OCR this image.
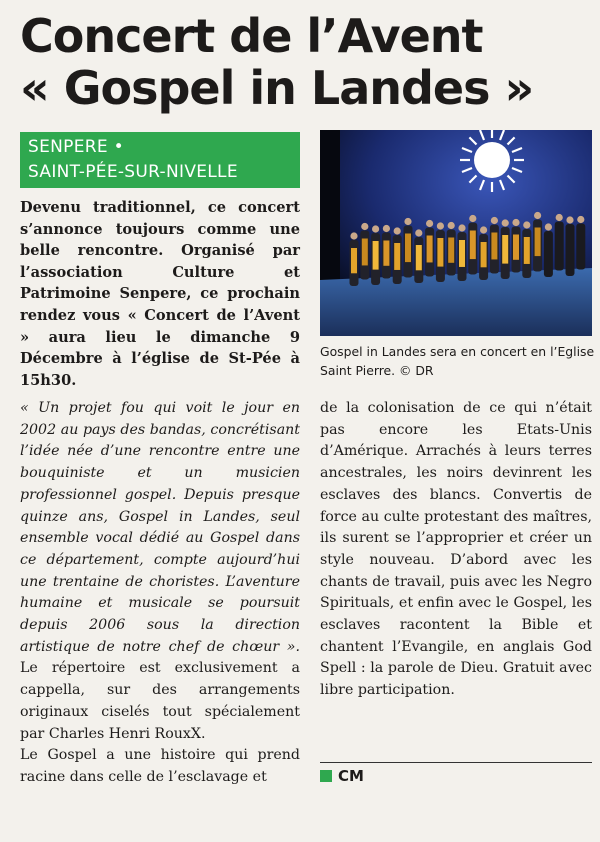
Concert de l’Avent
« Gospel in Landes »
SENPERE •
SAINT-PÉE-SUR-NIVELLE
Gospel in Landes sera en concert en l’Eglise Saint Pierre. © DR
Devenu traditionnel, ce concert s’annonce toujours comme une belle rencontre. Organisé par l’association Culture et Patrimoine Senpere, ce prochain rendez vous « Concert de l’Avent » aura lieu le dimanche 9 Décembre à l’église de St-Pée à 15h30.

« Un projet fou qui voit le jour en 2002 au pays des bandas, concrétisant l’idée née d’une rencontre entre une bouquiniste et un musicien professionnel gospel. Depuis presque quinze ans, Gospel in Landes, seul ensemble vocal dédié au Gospel dans ce département, compte aujourd’hui une trentaine de choristes. L’aventure humaine et musicale se poursuit depuis 2006 sous la direction artistique de notre chef de chœur ». Le répertoire est exclusivement a cappella, sur des arrangements originaux ciselés tout spécialement par Charles Henri RouxX.

Le Gospel a une histoire qui prend racine dans celle de l’esclavage et

de la colonisation de ce qui n’était pas encore les Etats-Unis d’Amérique. Arrachés à leurs terres ancestrales, les noirs devinrent les esclaves des blancs. Convertis de force au culte protestant des maîtres, ils surent se l’approprier et créer un style nouveau. D’abord avec les chants de travail, puis avec les Negro Spirituals, et enfin avec le Gospel, les esclaves racontent la Bible et chantent l’Evangile, en anglais God Spell : la parole de Dieu. Gratuit avec libre participation.

CM
